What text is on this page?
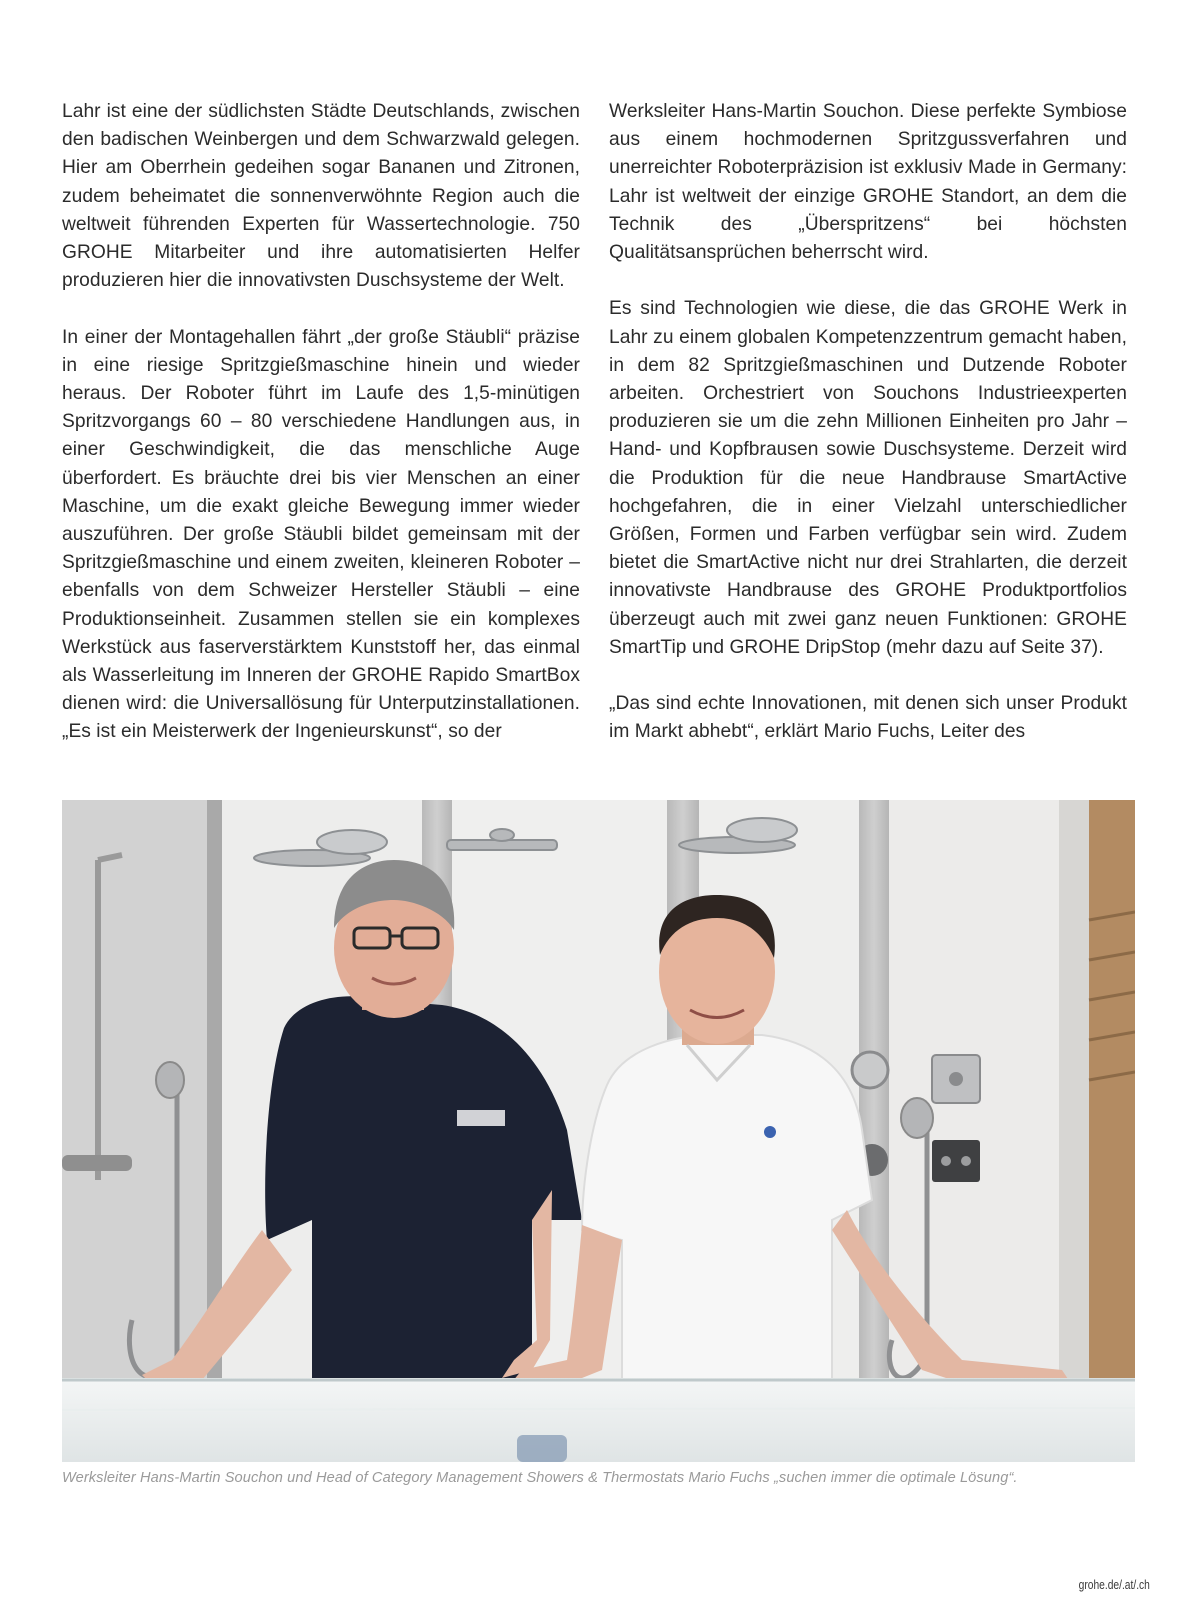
Lahr ist eine der südlichsten Städte Deutschlands, zwischen den badischen Weinbergen und dem Schwarzwald gelegen. Hier am Oberrhein gedeihen sogar Bananen und Zitronen, zudem beheimatet die sonnenverwöhnte Region auch die weltweit führenden Experten für Wassertechnologie. 750 GROHE Mitarbeiter und ihre automatisierten Helfer produzieren hier die innovativsten Duschsysteme der Welt.

In einer der Montagehallen fährt „der große Stäubli“ präzise in eine riesige Spritzgießmaschine hinein und wieder heraus. Der Roboter führt im Laufe des 1,5-minütigen Spritzvorgangs 60 – 80 verschiedene Handlungen aus, in einer Geschwindigkeit, die das menschliche Auge überfordert. Es bräuchte drei bis vier Menschen an einer Maschine, um die exakt gleiche Bewegung immer wieder auszuführen. Der große Stäubli bildet gemeinsam mit der Spritzgießmaschine und einem zweiten, kleineren Roboter – ebenfalls von dem Schweizer Hersteller Stäubli – eine Produktionseinheit. Zusammen stellen sie ein komplexes Werkstück aus faserverstärktem Kunststoff her, das einmal als Wasserleitung im Inneren der GROHE Rapido SmartBox dienen wird: die Universallösung für Unterputzinstallationen. „Es ist ein Meisterwerk der Ingenieurskunst“, so der

Werksleiter Hans-Martin Souchon. Diese perfekte Symbiose aus einem hochmodernen Spritzgussverfahren und unerreichter Roboterpräzision ist exklusiv Made in Germany: Lahr ist weltweit der einzige GROHE Standort, an dem die Technik des „Überspritzens“ bei höchsten Qualitätsansprüchen beherrscht wird.

Es sind Technologien wie diese, die das GROHE Werk in Lahr zu einem globalen Kompetenzzentrum gemacht haben, in dem 82 Spritzgießmaschinen und Dutzende Roboter arbeiten. Orchestriert von Souchons Industrieexperten produzieren sie um die zehn Millionen Einheiten pro Jahr – Hand- und Kopfbrausen sowie Duschsysteme. Derzeit wird die Produktion für die neue Handbrause SmartActive hochgefahren, die in einer Vielzahl unterschiedlicher Größen, Formen und Farben verfügbar sein wird. Zudem bietet die SmartActive nicht nur drei Strahlarten, die derzeit innovativste Handbrause des GROHE Produktportfolios überzeugt auch mit zwei ganz neuen Funktionen: GROHE SmartTip und GROHE DripStop (mehr dazu auf Seite 37).

„Das sind echte Innovationen, mit denen sich unser Produkt im Markt abhebt“, erklärt Mario Fuchs, Leiter des

Werksleiter Hans-Martin Souchon und Head of Category Management Showers & Thermostats Mario Fuchs „suchen immer die optimale Lösung“.
grohe.de/.at/.ch
